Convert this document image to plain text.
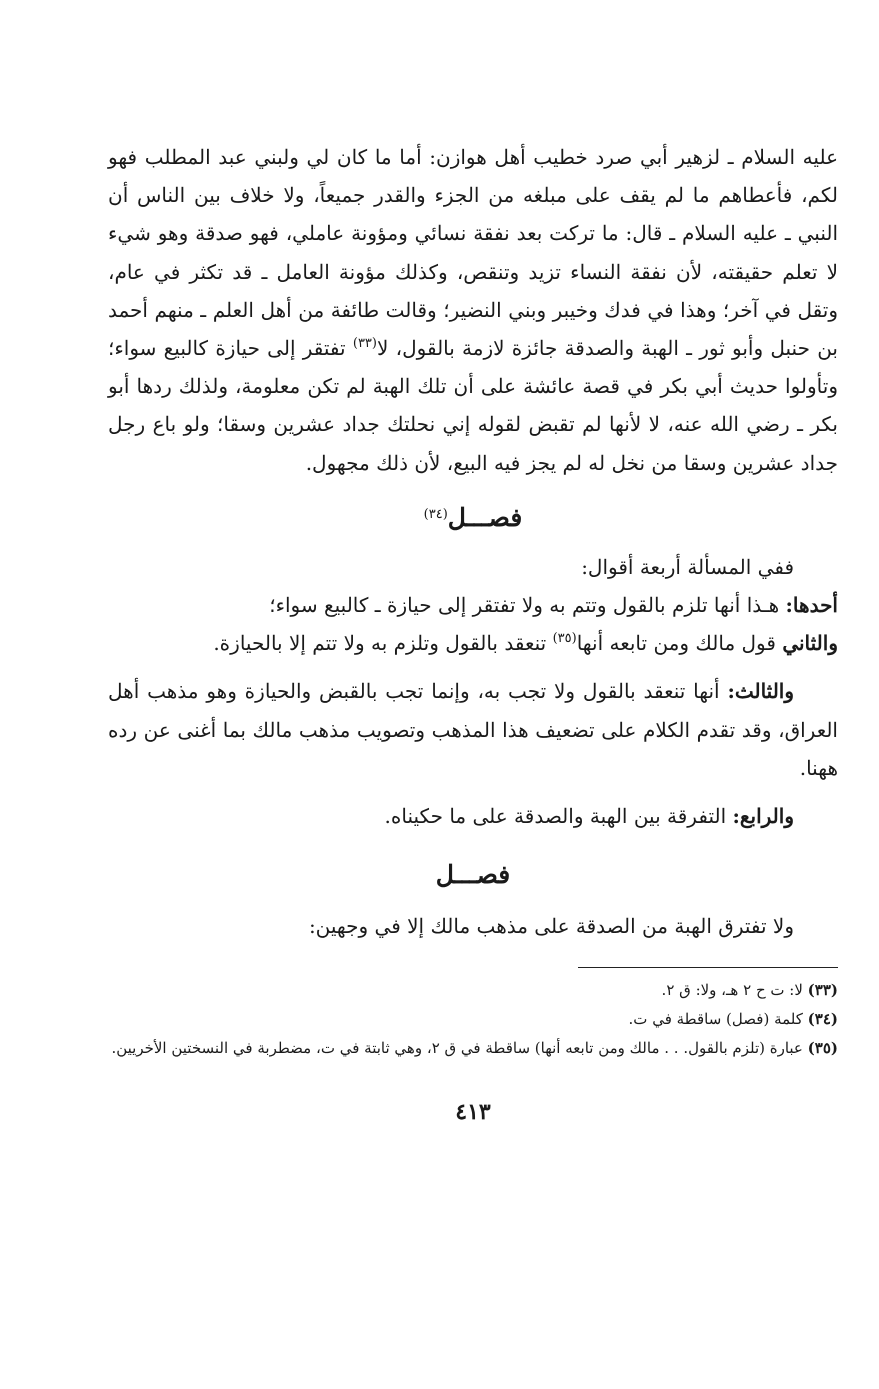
عليه السلام ـ لزهير أبي صرد خطيب أهل هوازن: أما ما كان لي ولبني عبد المطلب فهو لكم، فأعطاهم ما لم يقف على مبلغه من الجزء والقدر جميعاً، ولا خلاف بين الناس أن النبي ـ عليه السلام ـ قال: ما تركت بعد نفقة نسائي ومؤونة عاملي، فهو صدقة وهو شيء لا تعلم حقيقته، لأن نفقة النساء تزيد وتنقص، وكذلك مؤونة العامل ـ قد تكثر في عام، وتقل في آخر؛ وهذا في فدك وخيبر وبني النضير؛ وقالت طائفة من أهل العلم ـ منهم أحمد بن حنبل وأبو ثور ـ الهبة والصدقة جائزة لازمة بالقول، لا$^{(٣٣)}$ تفتقر إلى حيازة كالبيع سواء؛ وتأولوا حديث أبي بكر في قصة عائشة على أن تلك الهبة لم تكن معلومة، ولذلك ردها أبو بكر ـ رضي الله عنه، لا لأنها لم تقبض لقوله إني نحلتك جداد عشرين وسقا؛ ولو باع رجل جداد عشرين وسقا من نخل له لم يجز فيه البيع، لأن ذلك مجهول.

فصـــل$^{(٣٤)}$

ففي المسألة أربعة أقوال:

أحدها: هـذا أنها تلزم بالقول وتتم به ولا تفتقر إلى حيازة ـ كالبيع سواء؛

والثاني قول مالك ومن تابعه أنها$^{(٣٥)}$ تنعقد بالقول وتلزم به ولا تتم إلا بالحيازة.

والثالث: أنها تنعقد بالقول ولا تجب به، وإنما تجب بالقبض والحيازة وهو مذهب أهل العراق، وقد تقدم الكلام على تضعيف هذا المذهب وتصويب مذهب مالك بما أغنى عن رده ههنا.

والرابع: التفرقة بين الهبة والصدقة على ما حكيناه.

فصـــل

ولا تفترق الهبة من الصدقة على مذهب مالك إلا في وجهين:

(٣٣) لا: ت ح ٢ هـ، ولا: ق ٢.

(٣٤) كلمة (فصل) ساقطة في ت.

(٣٥) عبارة (تلزم بالقول. . . مالك ومن تابعه أنها) ساقطة في ق ٢، وهي ثابتة في ت، مضطربة في النسختين الأخريين.

٤١٣
